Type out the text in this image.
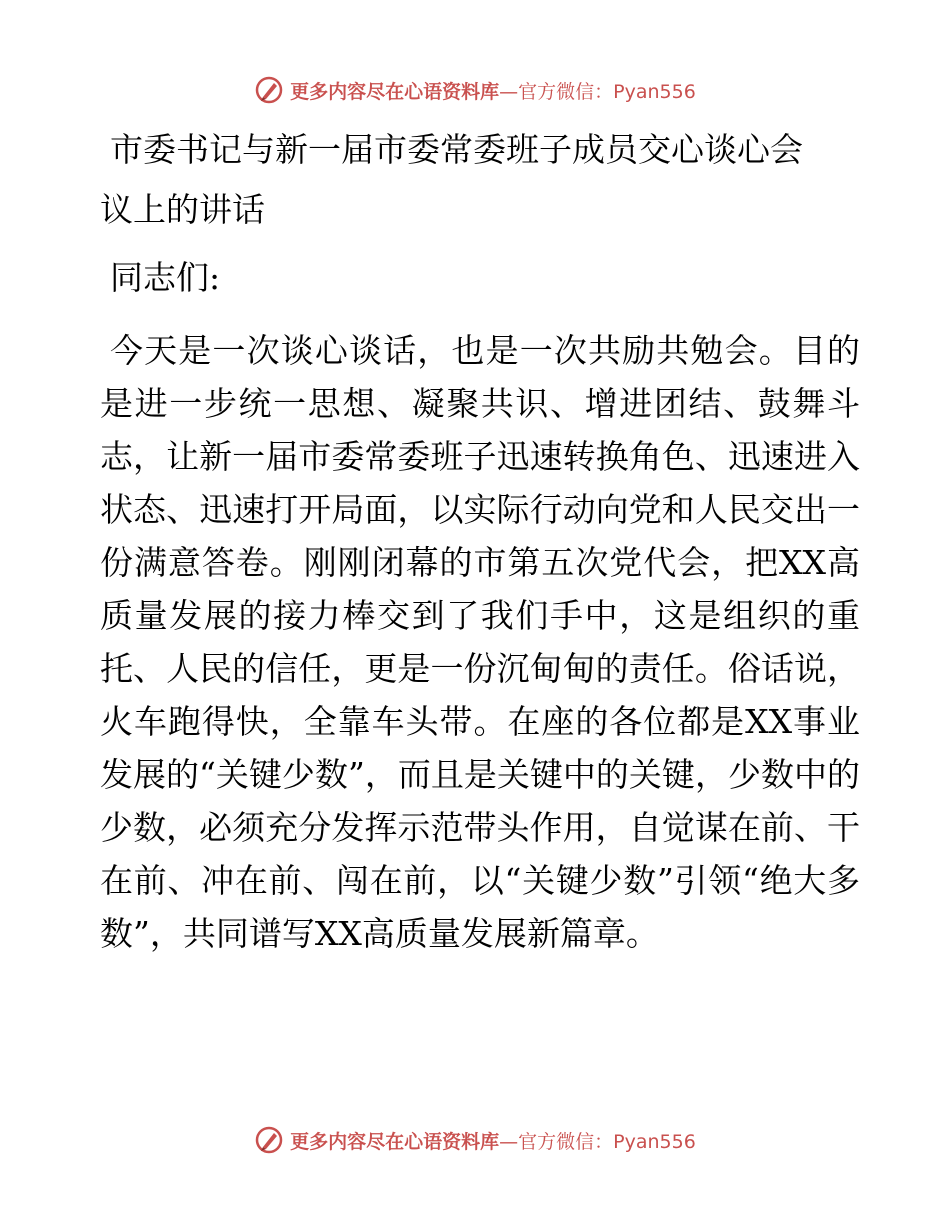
更多内容尽在心语资料库 —官方微信：Pyan556
市委书记与新一届市委常委班子成员交心谈心会
议上的讲话

同志们:

今天是一次谈心谈话，也是一次共励共勉会。目的是进一步统一思想、凝聚共识、增进团结、鼓舞斗志，让新一届市委常委班子迅速转换角色、迅速进入状态、迅速打开局面，以实际行动向党和人民交出一份满意答卷。刚刚闭幕的市第五次党代会，把XX高质量发展的接力棒交到了我们手中，这是组织的重托、人民的信任，更是一份沉甸甸的责任。俗话说，火车跑得快，全靠车头带。在座的各位都是XX事业发展的“关键少数”，而且是关键中的关键，少数中的少数，必须充分发挥示范带头作用，自觉谋在前、干在前、冲在前、闯在前，以“关键少数”引领“绝大多数”，共同谱写XX高质量发展新篇章。

更多内容尽在心语资料库 —官方微信：Pyan556
